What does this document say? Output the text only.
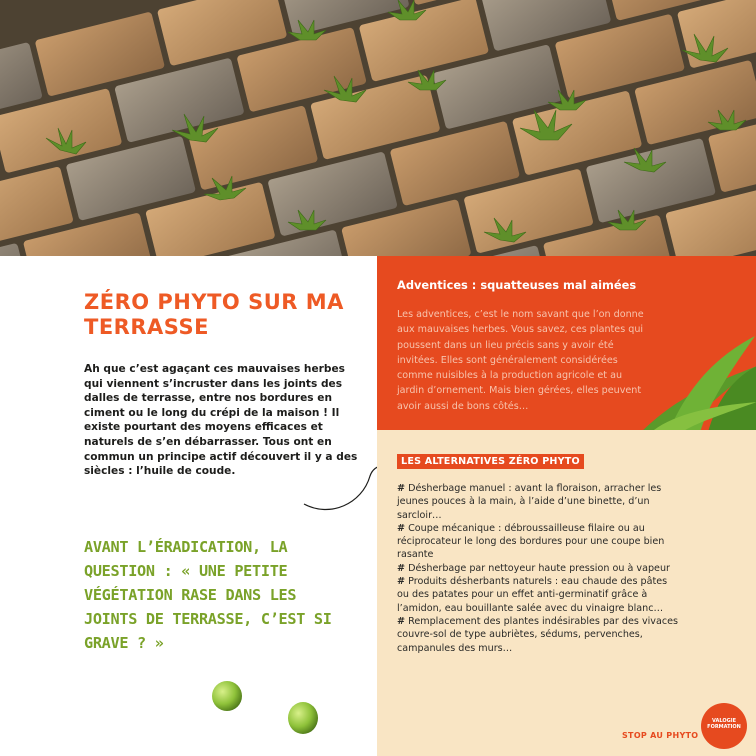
ZÉRO PHYTO SUR MA TERRASSE

Ah que c’est agaçant ces mauvaises herbes qui viennent s’incruster dans les joints des dalles de terrasse, entre nos bordures en ciment ou le long du crépi de la maison ! Il existe pourtant des moyens efficaces et naturels de s’en débarrasser. Tous ont en commun un principe actif découvert il y a des siècles : l’huile de coude.

AVANT L’ÉRADICATION, LA QUESTION : « UNE PETITE VÉGÉTATION RASE DANS LES JOINTS DE TERRASSE, C’EST SI GRAVE ? »

Adventices : squatteuses mal aimées

Les adventices, c’est le nom savant que l’on donne aux mauvaises herbes. Vous savez, ces plantes qui poussent dans un lieu précis sans y avoir été invitées. Elles sont généralement considérées comme nuisibles à la production agricole et au jardin d’ornement. Mais bien gérées, elles peuvent avoir aussi de bons côtés…

LES ALTERNATIVES ZÉRO PHYTO
# Désherbage manuel : avant la floraison, arracher les jeunes pouces à la main, à l’aide d’une binette, d’un sarcloir…
# Coupe mécanique : débroussailleuse filaire ou au réciprocateur le long des bordures pour une coupe bien rasante
# Désherbage par nettoyeur haute pression ou à vapeur
# Produits désherbants naturels : eau chaude des pâtes ou des patates pour un effet anti-germinatif grâce à l’amidon, eau bouillante salée avec du vinaigre blanc…
# Remplacement des plantes indésirables par des vivaces couvre-sol de type aubriètes, sédums, pervenches, campanules des murs…
STOP AU PHYTO
VALOGIE
FORMATION
